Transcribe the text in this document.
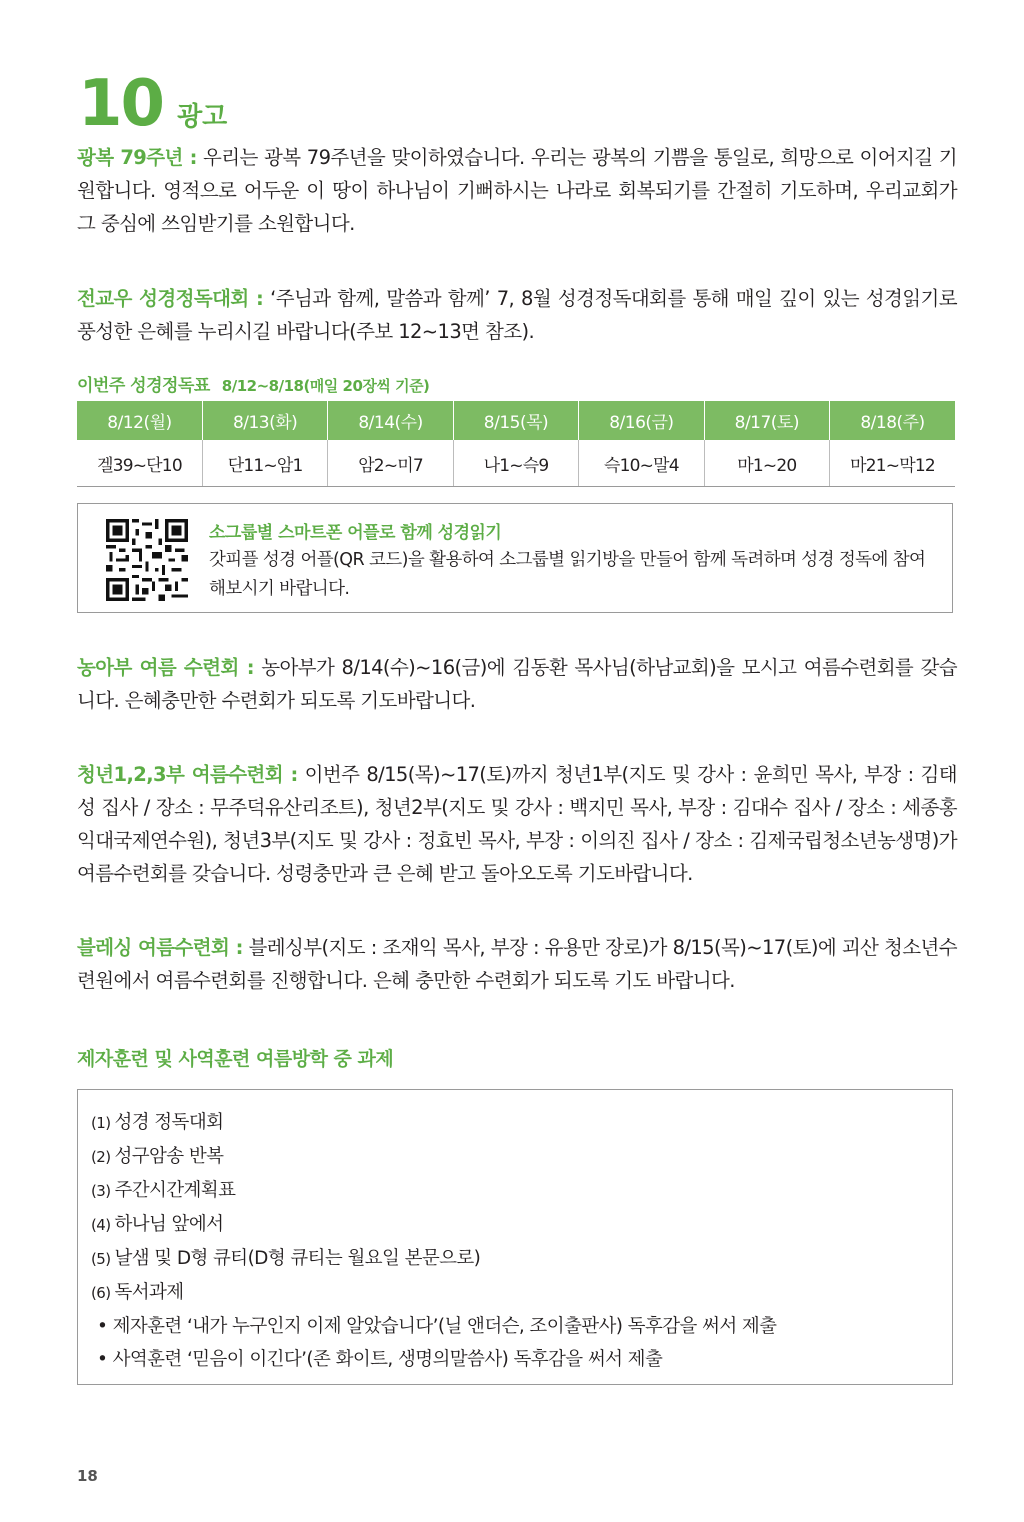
10 광고
광복 79주년 : 우리는 광복 79주년을 맞이하였습니다. 우리는 광복의 기쁨을 통일로, 희망으로 이어지길 기원합니다. 영적으로 어두운 이 땅이 하나님이 기뻐하시는 나라로 회복되기를 간절히 기도하며, 우리교회가 그 중심에 쓰임받기를 소원합니다.
전교우 성경정독대회 : ‘주님과 함께, 말씀과 함께’ 7, 8월 성경정독대회를 통해 매일 깊이 있는 성경읽기로 풍성한 은혜를 누리시길 바랍니다(주보 12~13면 참조).
이번주 성경정독표 8/12~8/18(매일 20장씩 기준)
8/12(월)	8/13(화)	8/14(수)	8/15(목)	8/16(금)	8/17(토)	8/18(주)
겔39~단10	단11~암1	암2~미7	나1~슥9	슥10~말4	마1~20	마21~막12
소그룹별 스마트폰 어플로 함께 성경읽기
갓피플 성경 어플(QR 코드)을 활용하여 소그룹별 읽기방을 만들어 함께 독려하며 성경 정독에 참여해보시기 바랍니다.
농아부 여름 수련회 : 농아부가 8/14(수)~16(금)에 김동환 목사님(하남교회)을 모시고 여름수련회를 갖습니다. 은혜충만한 수련회가 되도록 기도바랍니다.
청년1,2,3부 여름수련회 : 이번주 8/15(목)~17(토)까지 청년1부(지도 및 강사 : 윤희민 목사, 부장 : 김태성 집사 / 장소 : 무주덕유산리조트), 청년2부(지도 및 강사 : 백지민 목사, 부장 : 김대수 집사 / 장소 : 세종홍익대국제연수원), 청년3부(지도 및 강사 : 정효빈 목사, 부장 : 이의진 집사 / 장소 : 김제국립청소년농생명)가 여름수련회를 갖습니다. 성령충만과 큰 은혜 받고 돌아오도록 기도바랍니다.
블레싱 여름수련회 : 블레싱부(지도 : 조재익 목사, 부장 : 유용만 장로)가 8/15(목)~17(토)에 괴산 청소년수련원에서 여름수련회를 진행합니다. 은혜 충만한 수련회가 되도록 기도 바랍니다.
제자훈련 및 사역훈련 여름방학 중 과제
(1) 성경 정독대회
(2) 성구암송 반복
(3) 주간시간계획표
(4) 하나님 앞에서
(5) 날샘 및 D형 큐티(D형 큐티는 월요일 본문으로)
(6) 독서과제
• 제자훈련 ‘내가 누구인지 이제 알았습니다’(닐 앤더슨, 조이출판사) 독후감을 써서 제출
• 사역훈련 ‘믿음이 이긴다’(존 화이트, 생명의말씀사) 독후감을 써서 제출
18
